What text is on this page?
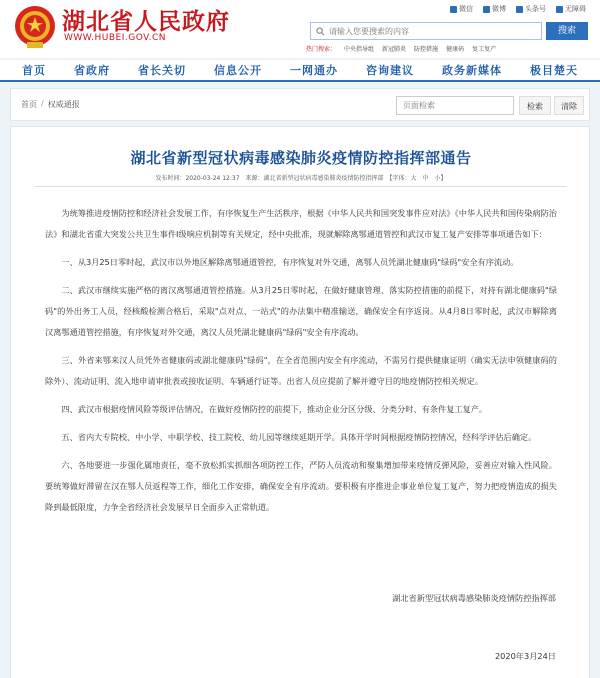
湖北省人民政府
WWW.HUBEI.GOV.CN
微信	微博	头条号	无障碍
请输入您要搜索的内容
搜索
热门搜索： 中央指导组 新冠肺炎 防控措施 健康码 复工复产
首页	省政府	省长关切	信息公开	一网通办	咨询建议	政务新媒体	极目楚天
首页 / 权威通报
页面检索	检索	清除
湖北省新型冠状病毒感染肺炎疫情防控指挥部通告
发布时间：2020-03-24 12:37　来源：湖北省新型冠状病毒感染肺炎疫情防控指挥部　【字体：大　中　小】

为统筹推进疫情防控和经济社会发展工作，有序恢复生产生活秩序，根据《中华人民共和国突发事件应对法》《中华人民共和国传染病防治法》和湖北省重大突发公共卫生事件I级响应机制等有关规定，经中央批准，现就解除离鄂通道管控和武汉市复工复产安排等事项通告如下：

一、从3月25日零时起，武汉市以外地区解除离鄂通道管控，有序恢复对外交通，离鄂人员凭湖北健康码"绿码"安全有序流动。

二、武汉市继续实施严格的离汉离鄂通道管控措施。从3月25日零时起，在做好健康管理、落实防控措施的前提下，对持有湖北健康码"绿码"的外出务工人员，经核酸检测合格后，采取"点对点、一站式"的办法集中精准输送，确保安全有序返岗。从4月8日零时起，武汉市解除离汉离鄂通道管控措施，有序恢复对外交通，离汉人员凭湖北健康码"绿码"安全有序流动。

三、外省来鄂来汉人员凭外省健康码或湖北健康码"绿码"，在全省范围内安全有序流动，不需另行提供健康证明（确实无法申领健康码的除外）、流动证明、流入地申请审批表或接收证明、车辆通行证等。出省人员应提前了解并遵守目的地疫情防控相关规定。

四、武汉市根据疫情风险等级评估情况，在做好疫情防控的前提下，推动企业分区分级、分类分时、有条件复工复产。

五、省内大专院校、中小学、中职学校、技工院校、幼儿园等继续延期开学。具体开学时间根据疫情防控情况，经科学评估后确定。

六、各地要进一步强化属地责任，毫不放松抓实抓细各项防控工作，严防人员流动和聚集增加带来疫情反弹风险，妥善应对输入性风险。要统筹做好滞留在汉在鄂人员返程等工作，细化工作安排，确保安全有序流动。要积极有序推进企事业单位复工复产，努力把疫情造成的损失降到最低限度，力争全省经济社会发展早日全面步入正常轨道。

湖北省新型冠状病毒感染肺炎疫情防控指挥部
2020年3月24日
